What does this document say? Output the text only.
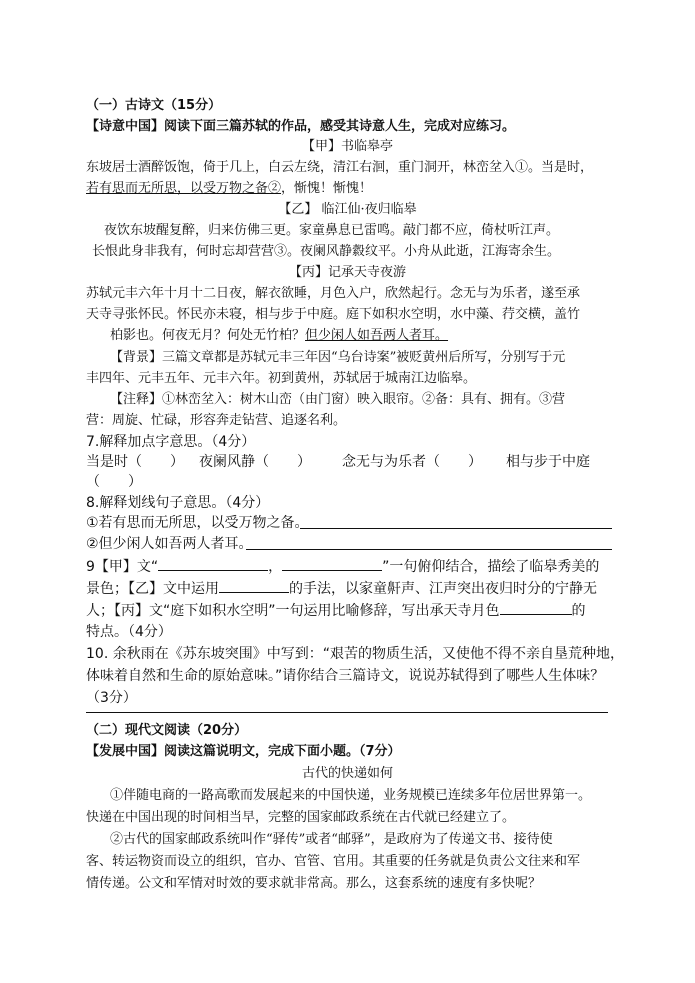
（一）古诗文（15分）
【诗意中国】阅读下面三篇苏轼的作品，感受其诗意人生，完成对应练习。
【甲】书临皋亭
东坡居士酒醉饭饱，倚于几上，白云左绕，清江右洄，重门洞开，林峦坌入①。当是时，
若有思而无所思，以受万物之备②，惭愧！惭愧！
【乙】 临江仙·夜归临皋
夜饮东坡醒复醉，归来仿佛三更。家童鼻息已雷鸣。敲门都不应，倚杖听江声。
长恨此身非我有，何时忘却营营③。夜阑风静縠纹平。小舟从此逝，江海寄余生。
【丙】记承天寺夜游
苏轼元丰六年十月十二日夜，解衣欲睡，月色入户，欣然起行。念无与为乐者，遂至承
天寺寻张怀民。怀民亦未寝，相与步于中庭。庭下如积水空明，水中藻、荇交横，盖竹
柏影也。何夜无月？何处无竹柏？但少闲人如吾两人者耳。
【背景】三篇文章都是苏轼元丰三年因“乌台诗案”被贬黄州后所写，分别写于元
丰四年、元丰五年、元丰六年。初到黄州，苏轼居于城南江边临皋。
【注释】①林峦坌入：树木山峦（由门窗）映入眼帘。②备：具有、拥有。③营
营：周旋、忙碌，形容奔走钻营、追逐名利。
7.解释加点字意思。（4分）
当是时（　　） 夜阑风静（　　） 念无与为乐者（　　） 相与步于中庭
（　　）
8.解释划线句子意思。（4分）
①若有思而无所思，以受万物之备。
②但少闲人如吾两人者耳。
9【甲】文“	，	”一句俯仰结合，描绘了临皋秀美的
景色；【乙】文中运用	的手法，以家童鼾声、江声突出夜归时分的宁静无
人；【丙】文“庭下如积水空明”一句运用比喻修辞，写出承天寺月色	的
特点。（4分）
10. 余秋雨在《苏东坡突围》中写到：“艰苦的物质生活，又使他不得不亲自垦荒种地，
体味着自然和生命的原始意味。”请你结合三篇诗文，说说苏轼得到了哪些人生体味？
（3分）
（二）现代文阅读（20分）
【发展中国】阅读这篇说明文，完成下面小题。（7分）
古代的快递如何
①伴随电商的一路高歌而发展起来的中国快递，业务规模已连续多年位居世界第一。
快递在中国出现的时间相当早，完整的国家邮政系统在古代就已经建立了。
②古代的国家邮政系统叫作“驿传”或者“邮驿”，是政府为了传递文书、接待使
客、转运物资而设立的组织，官办、官管、官用。其重要的任务就是负责公文往来和军
情传递。公文和军情对时效的要求就非常高。那么，这套系统的速度有多快呢？
